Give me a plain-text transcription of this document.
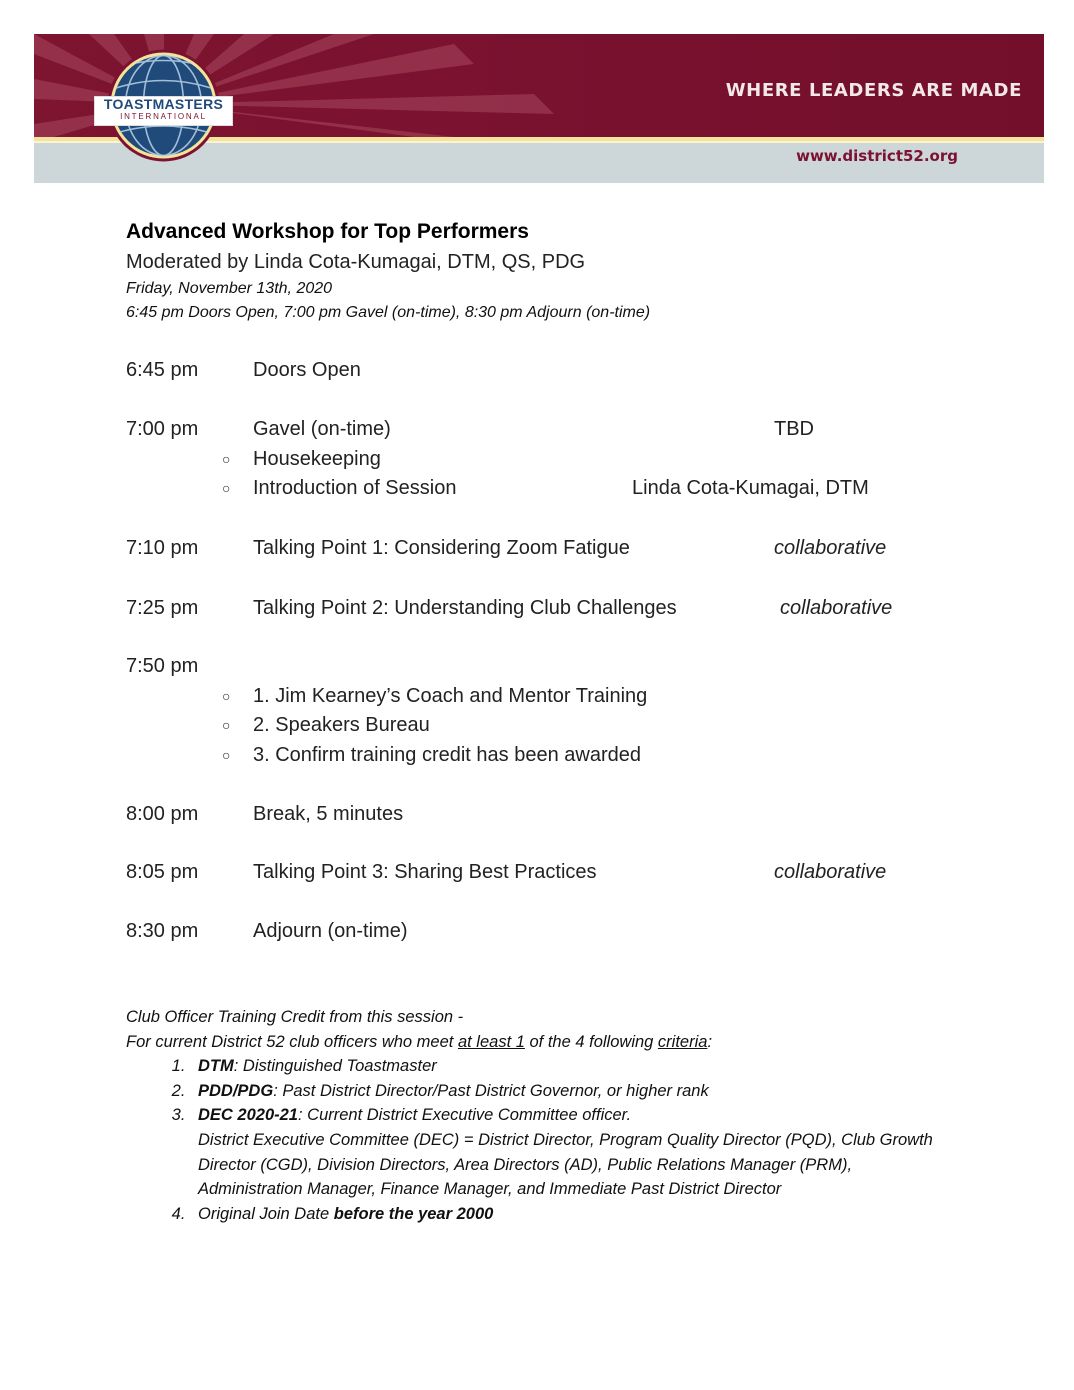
TOASTMASTERS
INTERNATIONAL
WHERE LEADERS ARE MADE
www.district52.org
Advanced Workshop for Top Performers
Moderated by Linda Cota-Kumagai, DTM, QS, PDG
Friday, November 13th, 2020
6:45 pm Doors Open, 7:00 pm Gavel (on-time), 8:30 pm Adjourn (on-time)
6:45 pm	Doors Open
7:00 pm	Gavel (on-time)	TBD
○ Housekeeping
○ Introduction of Session	Linda Cota-Kumagai, DTM
7:10 pm	Talking Point 1: Considering Zoom Fatigue	collaborative
7:25 pm	Talking Point 2: Understanding Club Challenges	collaborative
7:50 pm
○ 1. Jim Kearney’s Coach and Mentor Training
○ 2. Speakers Bureau
○ 3. Confirm training credit has been awarded
8:00 pm	Break, 5 minutes
8:05 pm	Talking Point 3: Sharing Best Practices	collaborative
8:30 pm	Adjourn (on-time)
Club Officer Training Credit from this session -
For current District 52 club officers who meet at least 1 of the 4 following criteria:
1. DTM: Distinguished Toastmaster
2. PDD/PDG: Past District Director/Past District Governor, or higher rank
3. DEC 2020-21: Current District Executive Committee officer.
District Executive Committee (DEC) = District Director, Program Quality Director (PQD), Club Growth Director (CGD), Division Directors, Area Directors (AD), Public Relations Manager (PRM), Administration Manager, Finance Manager, and Immediate Past District Director
4. Original Join Date before the year 2000
